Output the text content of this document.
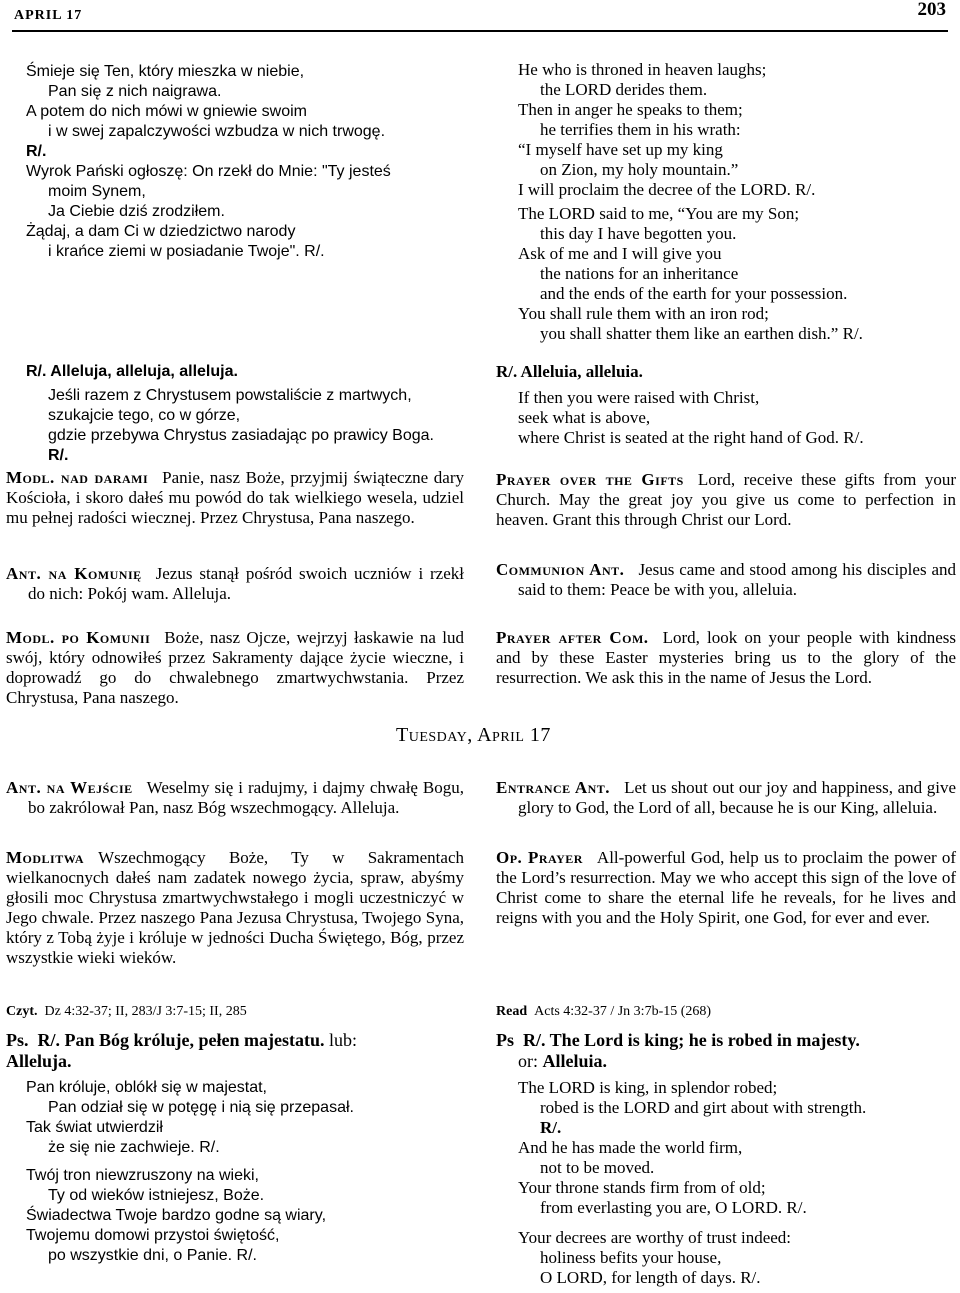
APRIL 17	203
Śmieje się Ten, który mieszka w niebie,
Pan się z nich naigrawa.
A potem do nich mówi w gniewie swoim
i w swej zapalczywości wzbudza w nich trwogę.
R/.
Wyrok Pański ogłoszę: On rzekł do Mnie: "Ty jesteś
moim Synem,
Ja Ciebie dziś zrodziłem.
Żądaj, a dam Ci w dziedzictwo narody
i krańce ziemi w posiadanie Twoje". R/.
R/. Alleluja, alleluja, alleluja.
Jeśli razem z Chrystusem powstaliście z martwych,
szukajcie tego, co w górze,
gdzie przebywa Chrystus zasiadając po prawicy Boga.
R/.
Modl. nad darami Panie, nasz Boże, przyjmij świąteczne dary Kościoła, i skoro dałeś mu powód do tak wielkiego wesela, udziel mu pełnej radości wiecznej. Przez Chrystusa, Pana naszego.
Ant. na Komunię Jezus stanął pośród swoich uczniów i rzekł do nich: Pokój wam. Alleluja.
Modl. po Komunii Boże, nasz Ojcze, wejrzyj łaskawie na lud swój, który odnowiłeś przez Sakramenty dające życie wieczne, i doprowadź go do chwalebnego zmartwychwstania. Przez Chrystusa, Pana naszego.
He who is throned in heaven laughs;
the LORD derides them.
Then in anger he speaks to them;
he terrifies them in his wrath:
“I myself have set up my king
on Zion, my holy mountain.”
I will proclaim the decree of the LORD. R/.
The LORD said to me, “You are my Son;
this day I have begotten you.
Ask of me and I will give you
the nations for an inheritance
and the ends of the earth for your possession.
You shall rule them with an iron rod;
you shall shatter them like an earthen dish.” R/.
R/. Alleluia, alleluia.
If then you were raised with Christ,
seek what is above,
where Christ is seated at the right hand of God. R/.
Prayer over the Gifts Lord, receive these gifts from your Church. May the great joy you give us come to perfection in heaven. Grant this through Christ our Lord.
Communion Ant. Jesus came and stood among his disciples and said to them: Peace be with you, alleluia.
Prayer after Com. Lord, look on your people with kindness and by these Easter mysteries bring us to the glory of the resurrection. We ask this in the name of Jesus the Lord.
Tuesday, April 17
Ant. na Wejście Weselmy się i radujmy, i dajmy chwałę Bogu, bo zakrólował Pan, nasz Bóg wszechmogący. Alleluja.
Modlitwa Wszechmogący Boże, Ty w Sakramentach wielkanocnych dałeś nam zadatek nowego życia, spraw, abyśmy głosili moc Chrystusa zmartwychwstałego i mogli uczestniczyć w Jego chwale. Przez naszego Pana Jezusa Chrystusa, Twojego Syna, który z Tobą żyje i króluje w jedności Ducha Świętego, Bóg, przez wszystkie wieki wieków.
Czyt. Dz 4:32-37; II, 283/J 3:7-15; II, 285
Ps. R/. Pan Bóg króluje, pełen majestatu. lub:
Alleluja.
Pan króluje, oblókł się w majestat,
Pan odział się w potęgę i nią się przepasał.
Tak świat utwierdził
że się nie zachwieje. R/.
Twój tron niewzruszony na wieki,
Ty od wieków istniejesz, Boże.
Świadectwa Twoje bardzo godne są wiary,
Twojemu domowi przystoi świętość,
po wszystkie dni, o Panie. R/.
Entrance Ant. Let us shout out our joy and happiness, and give glory to God, the Lord of all, because he is our King, alleluia.
Op. Prayer All-powerful God, help us to proclaim the power of the Lord’s resurrection. May we who accept this sign of the love of Christ come to share the eternal life he reveals, for he lives and reigns with you and the Holy Spirit, one God, for ever and ever.
Read Acts 4:32-37 / Jn 3:7b-15 (268)
Ps R/. The Lord is king; he is robed in majesty.
or: Alleluia.
The LORD is king, in splendor robed;
robed is the LORD and girt about with strength.
R/.
And he has made the world firm,
not to be moved.
Your throne stands firm from of old;
from everlasting you are, O LORD. R/.
Your decrees are worthy of trust indeed:
holiness befits your house,
O LORD, for length of days. R/.
